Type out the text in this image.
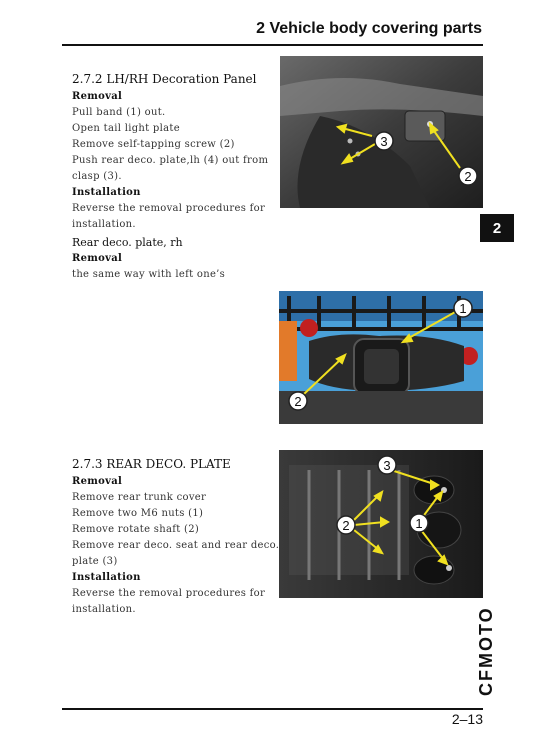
2 Vehicle body covering parts
2
CFMOTO
2.7.2 LH/RH Decoration Panel
Removal
Pull band (1) out.
Open tail light plate
Remove self-tapping screw (2)
Push rear deco. plate,lh (4) out from
clasp (3).
Installation
Reverse the removal procedures for
installation.
Rear deco. plate, rh
Removal
the same way with left one’s
2.7.3 REAR DECO. PLATE
Removal
Remove rear trunk cover
Remove two M6 nuts (1)
Remove rotate shaft (2)
Remove rear deco. seat and rear deco.
plate (3)
Installation
Reverse the removal procedures for
installation.
3
2
1
2
3
2	1
2–13
